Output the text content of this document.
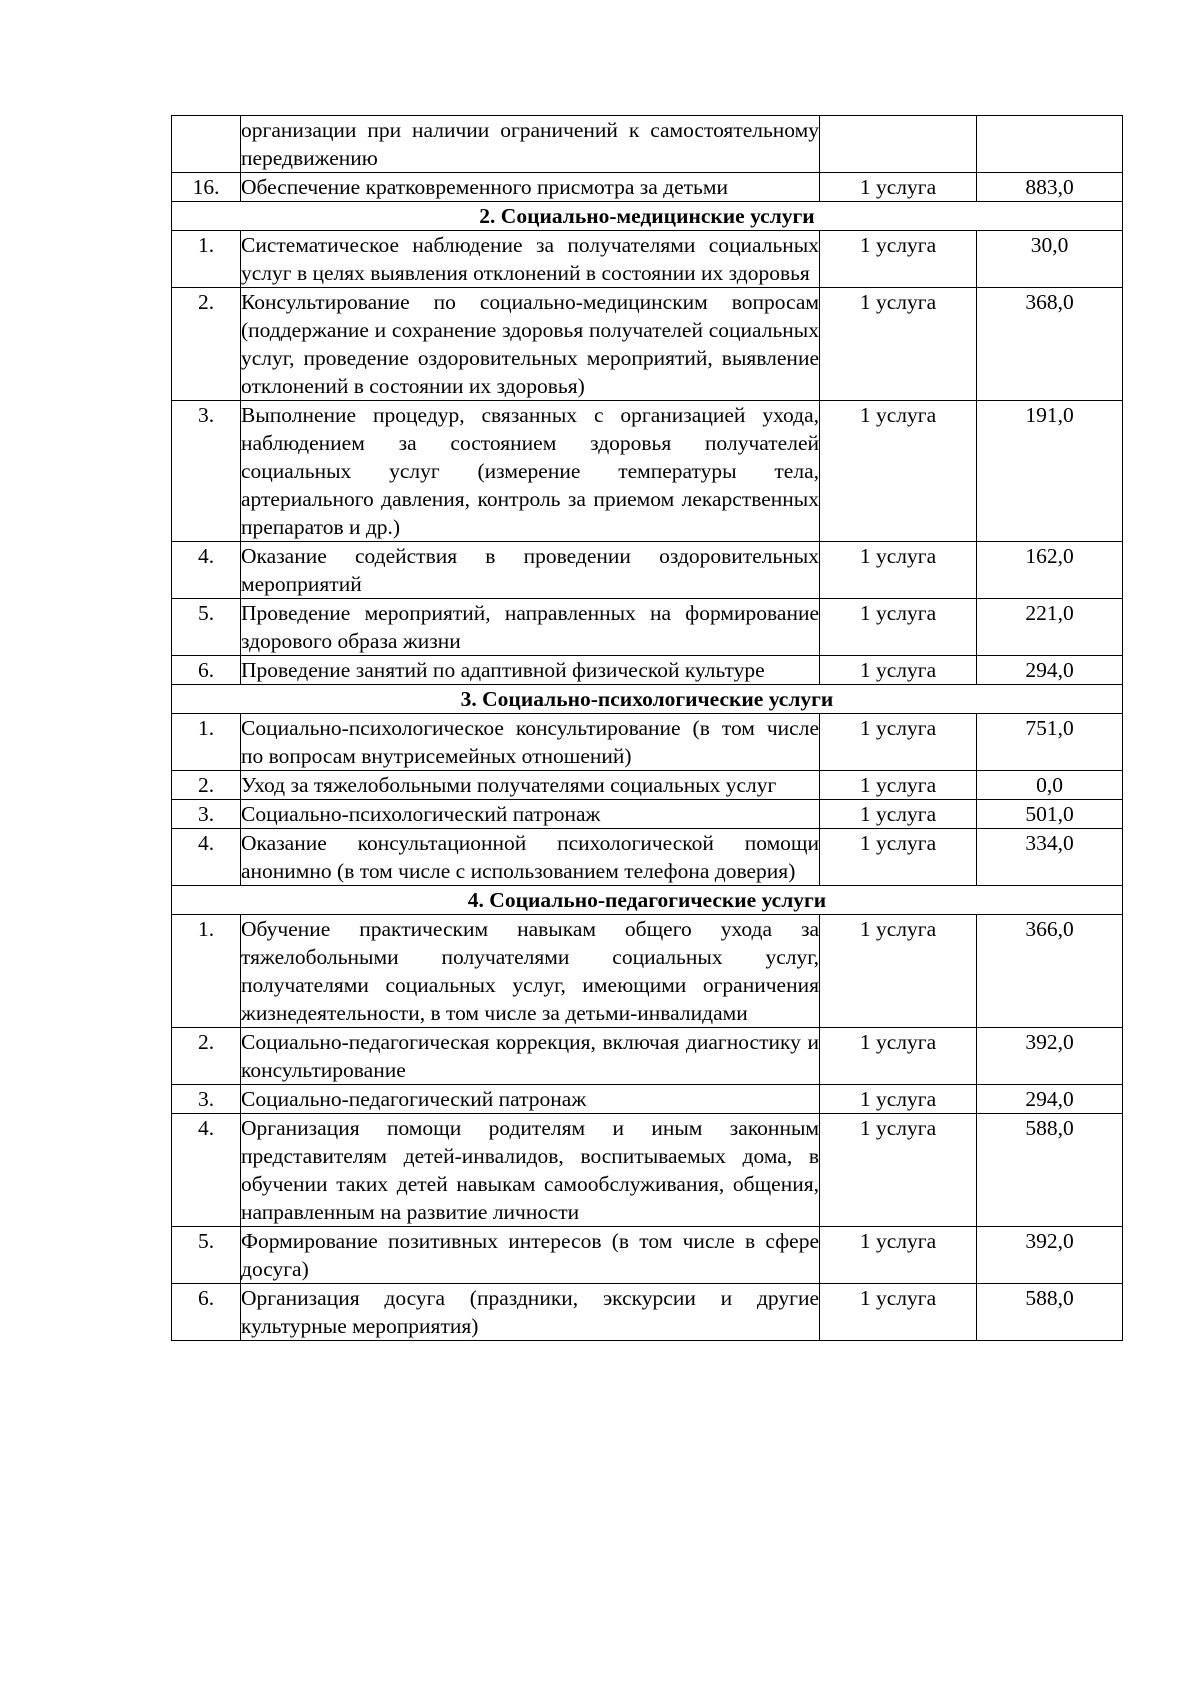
	организации при наличии ограничений к самостоятельному передвижению		
16.	Обеспечение кратковременного присмотра за детьми	1 услуга	883,0
2. Социально-медицинские услуги			
1.	Систематическое наблюдение за получателями социальных услуг в целях выявления отклонений в состоянии их здоровья	1 услуга	30,0
2.	Консультирование по социально-медицинским вопросам (поддержание и сохранение здоровья получателей социальных услуг, проведение оздоровительных мероприятий, выявление отклонений в состоянии их здоровья)	1 услуга	368,0
3.	Выполнение процедур, связанных с организацией ухода, наблюдением за состоянием здоровья получателей социальных услуг (измерение температуры тела, артериального давления, контроль за приемом лекарственных препаратов и др.)	1 услуга	191,0
4.	Оказание содействия в проведении оздоровительных мероприятий	1 услуга	162,0
5.	Проведение мероприятий, направленных на формирование здорового образа жизни	1 услуга	221,0
6.	Проведение занятий по адаптивной физической культуре	1 услуга	294,0
3. Социально-психологические услуги			
1.	Социально-психологическое консультирование (в том числе по вопросам внутрисемейных отношений)	1 услуга	751,0
2.	Уход за тяжелобольными получателями социальных услуг	1 услуга	0,0
3.	Социально-психологический патронаж	1 услуга	501,0
4.	Оказание консультационной психологической помощи анонимно (в том числе с использованием телефона доверия)	1 услуга	334,0
4. Социально-педагогические услуги			
1.	Обучение практическим навыкам общего ухода за тяжелобольными получателями социальных услуг, получателями социальных услуг, имеющими ограничения жизнедеятельности, в том числе за детьми-инвалидами	1 услуга	366,0
2.	Социально-педагогическая коррекция, включая диагностику и консультирование	1 услуга	392,0
3.	Социально-педагогический патронаж	1 услуга	294,0
4.	Организация помощи родителям и иным законным представителям детей-инвалидов, воспитываемых дома, в обучении таких детей навыкам самообслуживания, общения, направленным на развитие личности	1 услуга	588,0
5.	Формирование позитивных интересов (в том числе в сфере досуга)	1 услуга	392,0
6.	Организация досуга (праздники, экскурсии и другие культурные мероприятия)	1 услуга	588,0
